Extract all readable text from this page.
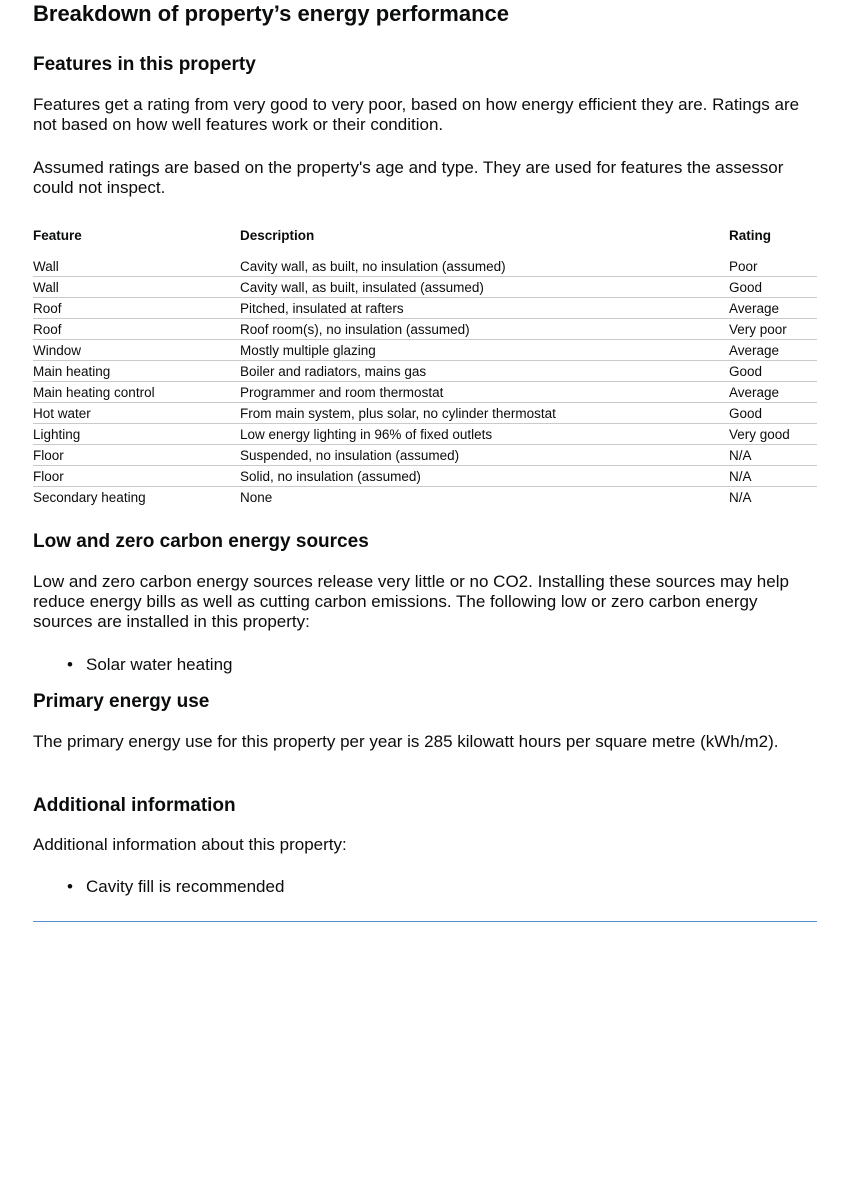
Breakdown of property’s energy performance
Features in this property

Features get a rating from very good to very poor, based on how energy efficient they are. Ratings are not based on how well features work or their condition.

Assumed ratings are based on the property's age and type. They are used for features the assessor could not inspect.

Feature	Description	Rating
Wall	Cavity wall, as built, no insulation (assumed)	Poor
Wall	Cavity wall, as built, insulated (assumed)	Good
Roof	Pitched, insulated at rafters	Average
Roof	Roof room(s), no insulation (assumed)	Very poor
Window	Mostly multiple glazing	Average
Main heating	Boiler and radiators, mains gas	Good
Main heating control	Programmer and room thermostat	Average
Hot water	From main system, plus solar, no cylinder thermostat	Good
Lighting	Low energy lighting in 96% of fixed outlets	Very good
Floor	Suspended, no insulation (assumed)	N/A
Floor	Solid, no insulation (assumed)	N/A
Secondary heating	None	N/A
Low and zero carbon energy sources

Low and zero carbon energy sources release very little or no CO2. Installing these sources may help reduce energy bills as well as cutting carbon emissions. The following low or zero carbon energy sources are installed in this property:

• Solar water heating
Primary energy use

The primary energy use for this property per year is 285 kilowatt hours per square metre (kWh/m2).

Additional information

Additional information about this property:

• Cavity fill is recommended
